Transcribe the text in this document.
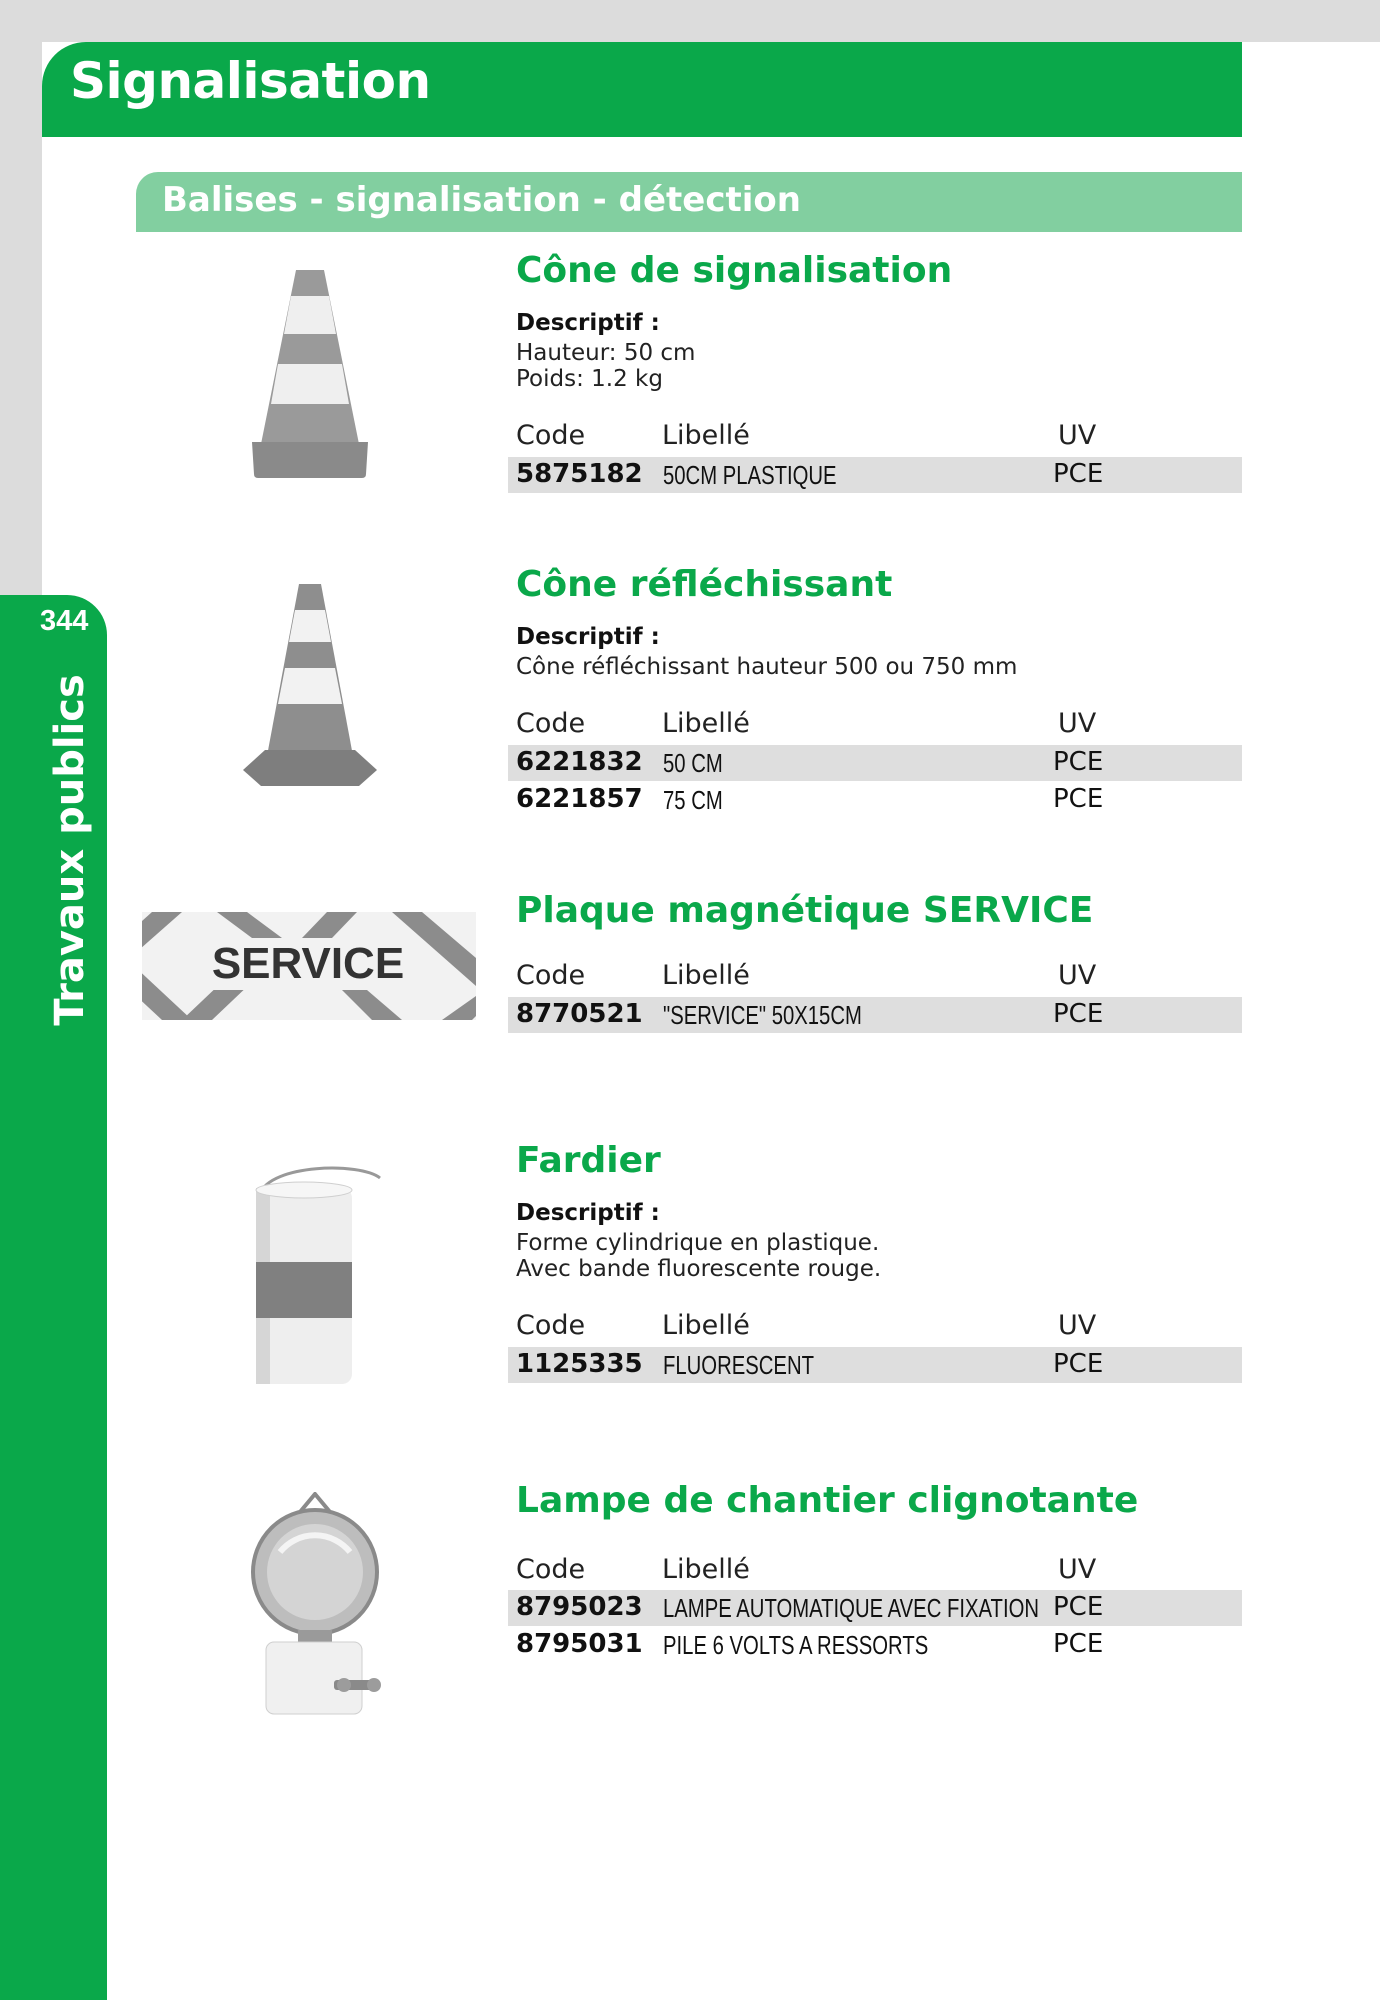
Signalisation
344
Travaux publics
Balises - signalisation - détection
Cône de signalisation
Descriptif :
Hauteur: 50 cm
Poids: 1.2 kg
Code	Libellé	UV
5875182 50CM PLASTIQUE	PCE
Cône réfléchissant
Descriptif :
Cône réfléchissant hauteur 500 ou 750 mm
Code	Libellé	UV
6221832 50 CM	PCE
6221857 75 CM	PCE
SERVICE
Plaque magnétique SERVICE
Code	Libellé	UV
8770521 "SERVICE" 50X15CM	PCE
Fardier
Descriptif :
Forme cylindrique en plastique.
Avec bande fluorescente rouge.
Code	Libellé	UV
1125335 FLUORESCENT	PCE
Lampe de chantier clignotante
Code	Libellé	UV
8795023 LAMPE AUTOMATIQUE AVEC FIXATION PCE
8795031 PILE 6 VOLTS A RESSORTS	PCE
